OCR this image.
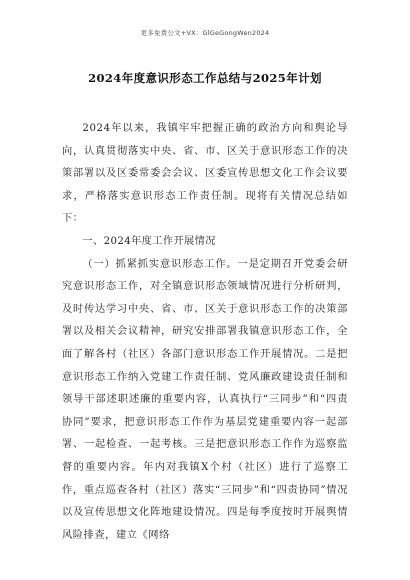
更多免费公文+VX：GlGeGongWen2024
2024年度意识形态工作总结与2025年计划

2024年以来，我镇牢牢把握正确的政治方向和舆论导向，认真贯彻落实中央、省、市、区关于意识形态工作的决策部署以及区委常委会会议、区委宣传思想文化工作会议要求，严格落实意识形态工作责任制。现将有关情况总结如下：

一、2024年度工作开展情况

（一）抓紧抓实意识形态工作。一是定期召开党委会研究意识形态工作，对全镇意识形态领域情况进行分析研判，及时传达学习中央、省、市、区关于意识形态工作的决策部署以及相关会议精神，研究安排部署我镇意识形态工作，全面了解各村（社区）各部门意识形态工作开展情况。二是把意识形态工作纳入党建工作责任制、党风廉政建设责任制和领导干部述职述廉的重要内容，认真执行“三同步”和“四责协同”要求，把意识形态工作作为基层党建重要内容一起部署、一起检查、一起考核。三是把意识形态工作作为巡察监督的重要内容。年内对我镇X个村（社区）进行了巡察工作，重点巡查各村（社区）落实“三同步”和“四责协同”情况以及宣传思想文化阵地建设情况。四是每季度按时开展舆情风险排查，建立《网络
